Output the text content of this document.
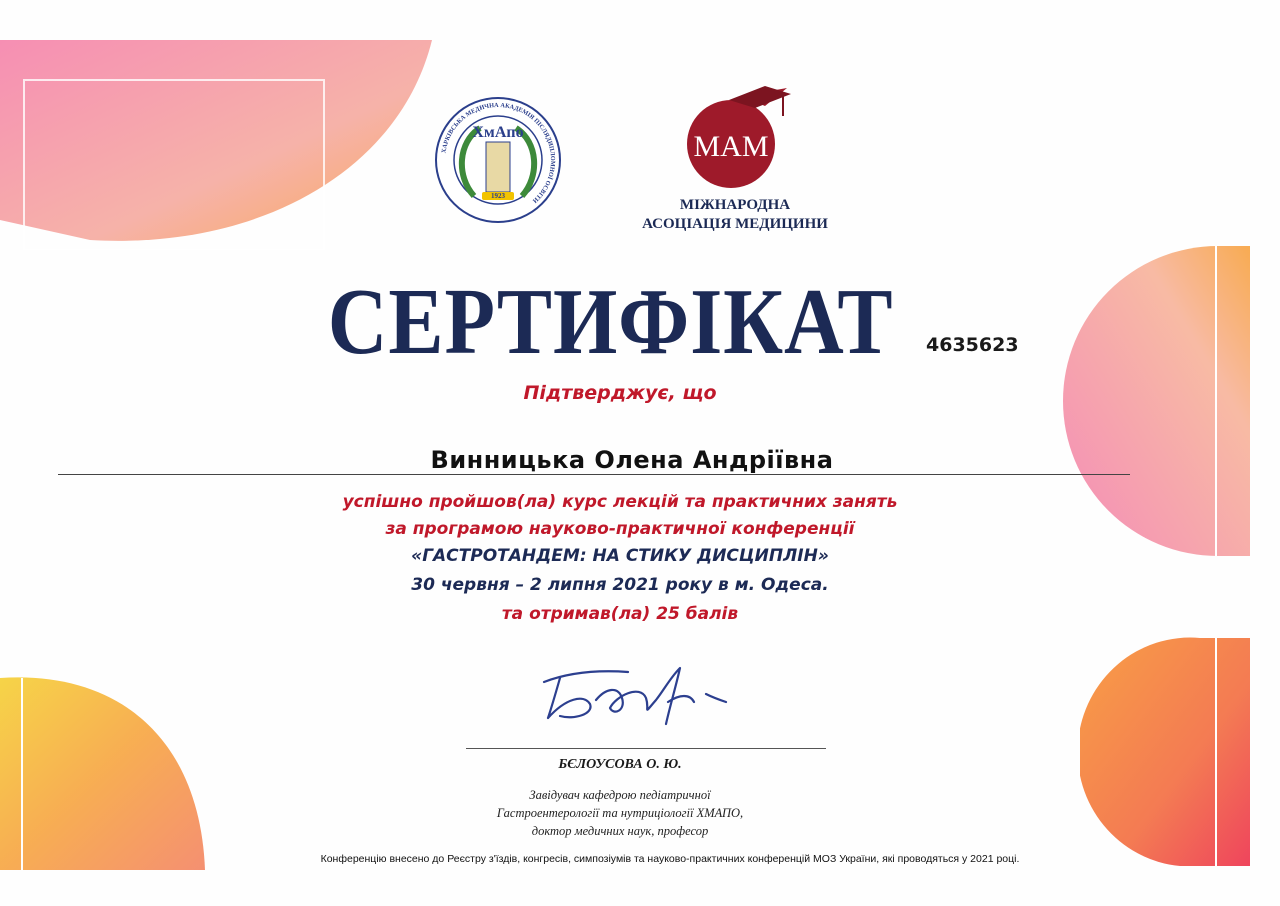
ХмАпо
1923
ХАРКІВСЬКА МЕДИЧНА АКАДЕМІЯ ПІСЛЯДИПЛОМНОЇ ОСВІТИ
МАМ
МІЖНАРОДНА
АСОЦІАЦІЯ МЕДИЦИНИ
СЕРТИФІКАТ 4635623
Підтверджує, що
Винницька Олена Андріївна
успішно пройшов(ла) курс лекцій та практичних занять
за програмою науково-практичної конференції
«ГАСТРОТАНДЕМ: НА СТИКУ ДИСЦИПЛІН»
30 червня – 2 липня 2021 року в м. Одеса.
та отримав(ла) 25 балів
БЄЛОУСОВА О. Ю.
Завідувач кафедрою педіатричної
Гастроентерології та нутриціології ХМАПО,
доктор медичних наук, професор
Конференцію внесено до Реєстру з'їздів, конгресів, симпозіумів та науково-практичних конференцій МОЗ України, які проводяться у 2021 році.
